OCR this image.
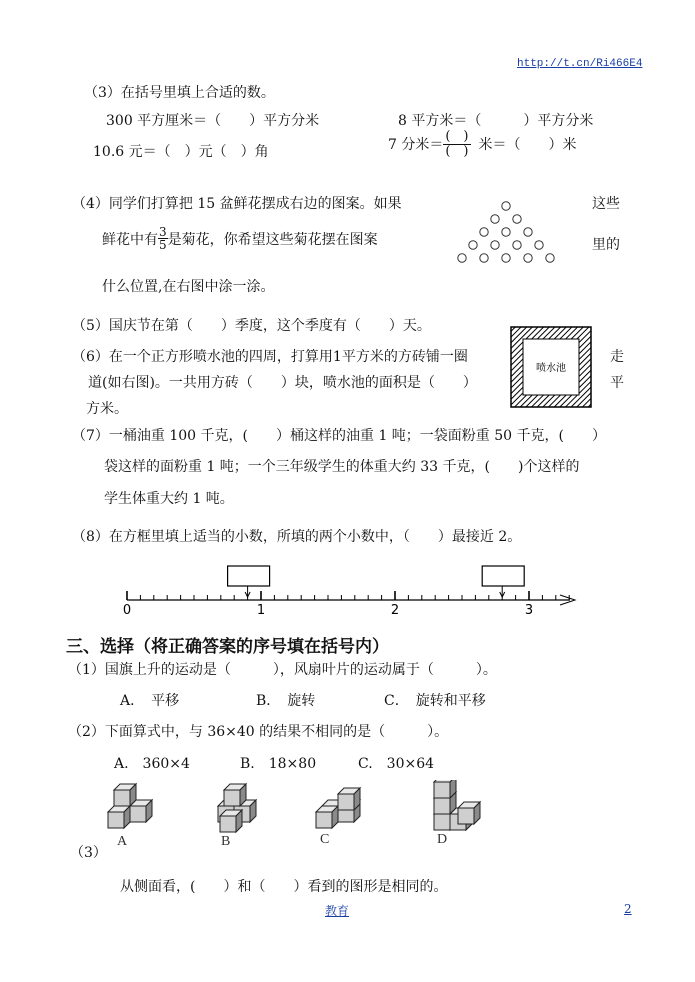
http://t.cn/Ri466E4
（3）在括号里填上合适的数。
300 平方厘米＝（　　）平方分米	8 平方米＝（　　　）平方分米
10.6 元＝（　）元（　）角	7 分米＝ $\frac{( )}{( )}$ 米＝（　　）米
（4）同学们打算把 15 盆鲜花摆成右边的图案。如果	这些
鲜花中有 $\frac{3}{5}$ 是菊花，你希望这些菊花摆在图案	里的
什么位置,在右图中涂一涂。
（5）国庆节在第（　　）季度，这个季度有（　　）天。
（6）在一个正方形喷水池的四周，打算用1平方米的方砖铺一圈	走
道(如右图)。一共用方砖（　　）块，喷水池的面积是（　　）	平
方米。
喷水池
（7）一桶油重 100 千克，(　　）桶这样的油重 1 吨；一袋面粉重 50 千克，(　　）
袋这样的面粉重 1 吨；一个三年级学生的体重大约 33 千克，(　　)个这样的
学生体重大约 1 吨。
（8）在方框里填上适当的小数，所填的两个小数中，（　　）最接近 2。
0	1	2	3
三、选择（将正确答案的序号填在括号内）
（1）国旗上升的运动是（　　　），风扇叶片的运动属于（　　　）。
A．　平移	B．　旋转	C．　旋转和平移
（2）下面算式中，与 36×40 的结果不相同的是（　　　）。
A.　360×4	B.　18×80	C.　30×64
A	B	C	D
（3）
从侧面看，(　　）和（　　）看到的图形是相同的。
教育	2
